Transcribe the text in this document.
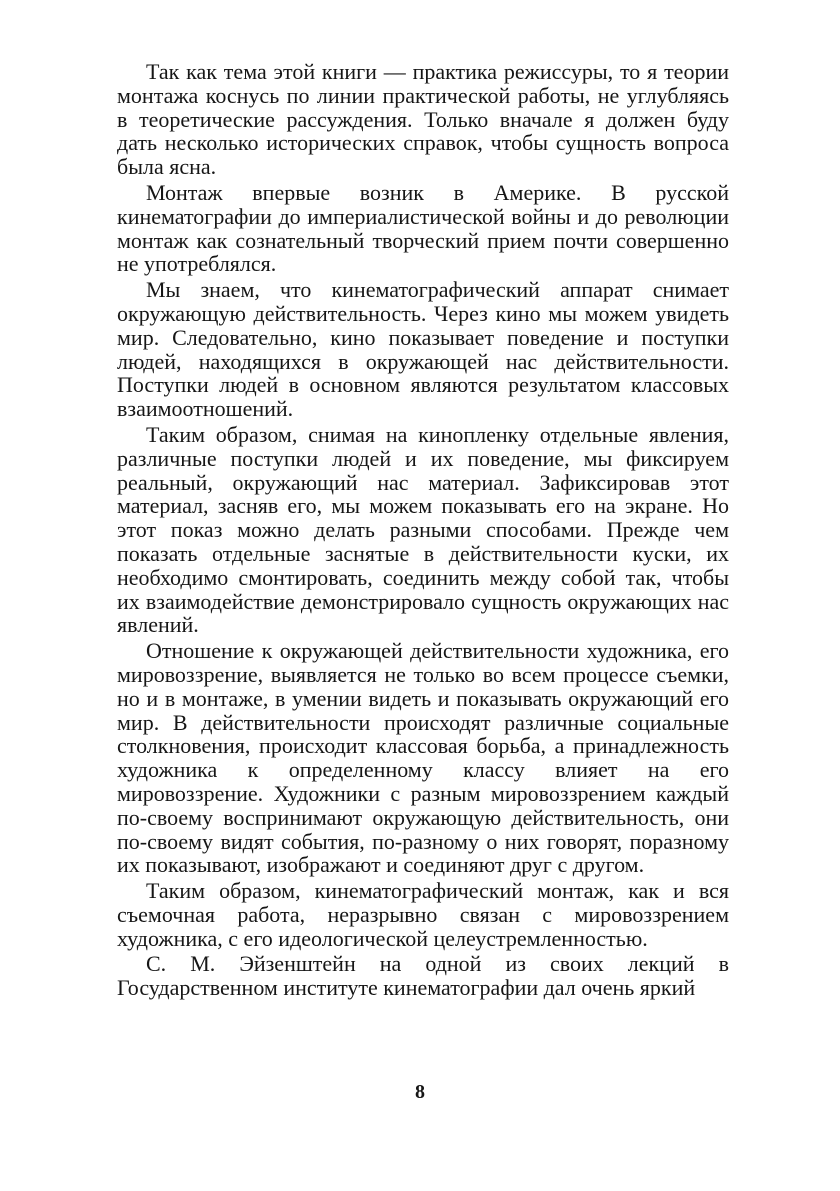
Так как тема этой книги — практика режиссуры, то я теории монтажа коснусь по линии практической работы, не углубляясь в теоретические рассуждения. Только вначале я должен буду дать несколько исторических справок, чтобы сущность вопроса была ясна.

Монтаж впервые возник в Америке. В русской кинематографии до империалистической войны и до революции монтаж как сознательный творческий прием почти совершенно не употреблялся.

Мы знаем, что кинематографический аппарат снимает окружающую действительность. Через кино мы можем увидеть мир. Следовательно, кино показывает поведение и поступки людей, находящихся в окружающей нас действительности. Поступки людей в основном являются результатом классовых взаимоотношений.

Таким образом, снимая на кинопленку отдельные явления, различные поступки людей и их поведение, мы фиксируем реальный, окружающий нас материал. Зафиксировав этот материал, засняв его, мы можем показывать его на экране. Но этот показ можно делать разными способами. Прежде чем показать отдельные заснятые в действительности куски, их необходимо смонтировать, соединить между собой так, чтобы их взаимодействие демонстрировало сущность окружающих нас явлений.

Отношение к окружающей действительности художника, его мировоззрение, выявляется не только во всем процессе съемки, но и в монтаже, в умении видеть и показывать окружающий его мир. В действительности происходят различные социальные столкновения, происходит классовая борьба, а принадлежность художника к определенному классу влияет на его мировоззрение. Художники с разным мировоззрением каждый по-своему воспринимают окружающую действительность, они по-своему видят события, по-разному о них говорят, поразному их показывают, изображают и соединяют друг с другом.

Таким образом, кинематографический монтаж, как и вся съемочная работа, неразрывно связан с мировоззрением художника, с его идеологической целеустремленностью.

С. М. Эйзенштейн на одной из своих лекций в Государственном институте кинематографии дал очень яркий

8
